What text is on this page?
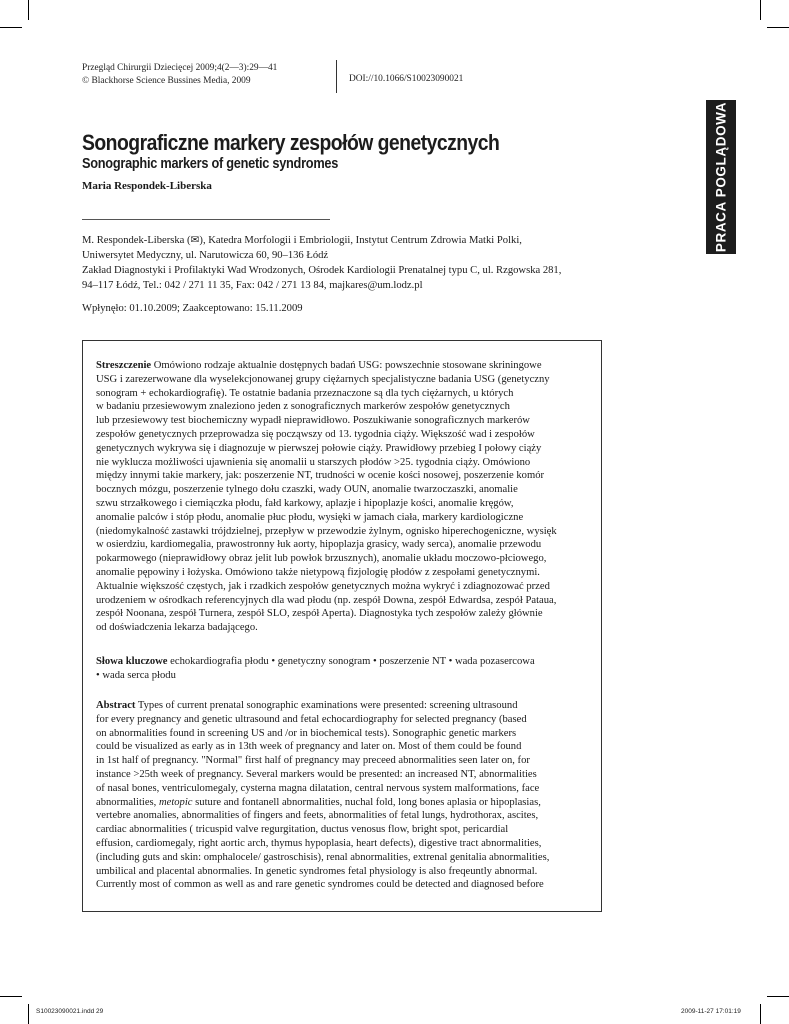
Przegląd Chirurgii Dziecięcej 2009;4(2—3):29—41
© Blackhorse Science Bussines Media, 2009	DOI://10.1066/S10023090021
PRACA POGLĄDOWA
Sonograficzne markery zespołów genetycznych
Sonographic markers of genetic syndromes
Maria Respondek-Liberska
M. Respondek-Liberska (✉), Katedra Morfologii i Embriologii, Instytut Centrum Zdrowia Matki Polki,
Uniwersytet Medyczny, ul. Narutowicza 60, 90–136 Łódź
Zakład Diagnostyki i Profilaktyki Wad Wrodzonych, Ośrodek Kardiologii Prenatalnej typu C, ul. Rzgowska 281,
94–117 Łódź, Tel.: 042 / 271 11 35, Fax: 042 / 271 13 84, majkares@um.lodz.pl
Wpłynęło: 01.10.2009; Zaakceptowano: 15.11.2009
Streszczenie Omówiono rodzaje aktualnie dostępnych badań USG: powszechnie stosowane skriningowe
USG i zarezerwowane dla wyselekcjonowanej grupy ciężarnych specjalistyczne badania USG (genetyczny
sonogram + echokardiografię). Te ostatnie badania przeznaczone są dla tych ciężarnych, u których
w badaniu przesiewowym znaleziono jeden z sonograficznych markerów zespołów genetycznych
lub przesiewowy test biochemiczny wypadł nieprawidłowo. Poszukiwanie sonograficznych markerów
zespołów genetycznych przeprowadza się począwszy od 13. tygodnia ciąży. Większość wad i zespołów
genetycznych wykrywa się i diagnozuje w pierwszej połowie ciąży. Prawidłowy przebieg I połowy ciąży
nie wyklucza możliwości ujawnienia się anomalii u starszych płodów >25. tygodnia ciąży. Omówiono
między innymi takie markery, jak: poszerzenie NT, trudności w ocenie kości nosowej, poszerzenie komór
bocznych mózgu, poszerzenie tylnego dołu czaszki, wady OUN, anomalie twarzoczaszki, anomalie
szwu strzałkowego i ciemiączka płodu, fałd karkowy, aplazje i hipoplazje kości, anomalie kręgów,
anomalie palców i stóp płodu, anomalie płuc płodu, wysięki w jamach ciała, markery kardiologiczne
(niedomykalność zastawki trójdzielnej, przepływ w przewodzie żylnym, ognisko hiperechogeniczne, wysięk
w osierdziu, kardiomegalia, prawostronny łuk aorty, hipoplazja grasicy, wady serca), anomalie przewodu
pokarmowego (nieprawidłowy obraz jelit lub powłok brzusznych), anomalie układu moczowo-płciowego,
anomalie pępowiny i łożyska. Omówiono także nietypową fizjologię płodów z zespołami genetycznymi.
Aktualnie większość częstych, jak i rzadkich zespołów genetycznych można wykryć i zdiagnozować przed
urodzeniem w ośrodkach referencyjnych dla wad płodu (np. zespół Downa, zespół Edwardsa, zespół Pataua,
zespół Noonana, zespół Turnera, zespół SLO, zespół Aperta). Diagnostyka tych zespołów zależy głównie
od doświadczenia lekarza badającego.
Słowa kluczowe echokardiografia płodu • genetyczny sonogram • poszerzenie NT • wada pozasercowa
• wada serca płodu
Abstract Types of current prenatal sonographic examinations were presented: screening ultrasound
for every pregnancy and genetic ultrasound and fetal echocardiography for selected pregnancy (based
on abnormalities found in screening US and /or in biochemical tests). Sonographic genetic markers
could be visualized as early as in 13th week of pregnancy and later on. Most of them could be found
in 1st half of pregnancy. "Normal" first half of pregnancy may preceed abnormalities seen later on, for
instance >25th week of pregnancy. Several markers would be presented: an increased NT, abnormalities
of nasal bones, ventriculomegaly, cysterna magna dilatation, central nervous system malformations, face
abnormalities, metopic suture and fontanell abnormalities, nuchal fold, long bones aplasia or hipoplasias,
vertebre anomalies, abnormalities of fingers and feets, abnormalities of fetal lungs, hydrothorax, ascites,
cardiac abnormalities ( tricuspid valve regurgitation, ductus venosus flow, bright spot, pericardial
effusion, cardiomegaly, right aortic arch, thymus hypoplasia, heart defects), digestive tract abnormalities,
(including guts and skin: omphalocele/ gastroschisis), renal abnormalities, extrenal genitalia abnormalities,
umbilical and placental abnormalies. In genetic syndromes fetal physiology is also freqeuntly abnormal.
Currently most of common as well as and rare genetic syndromes could be detected and diagnosed before
S10023090021.indd 29	2009-11-27 17:01:19
